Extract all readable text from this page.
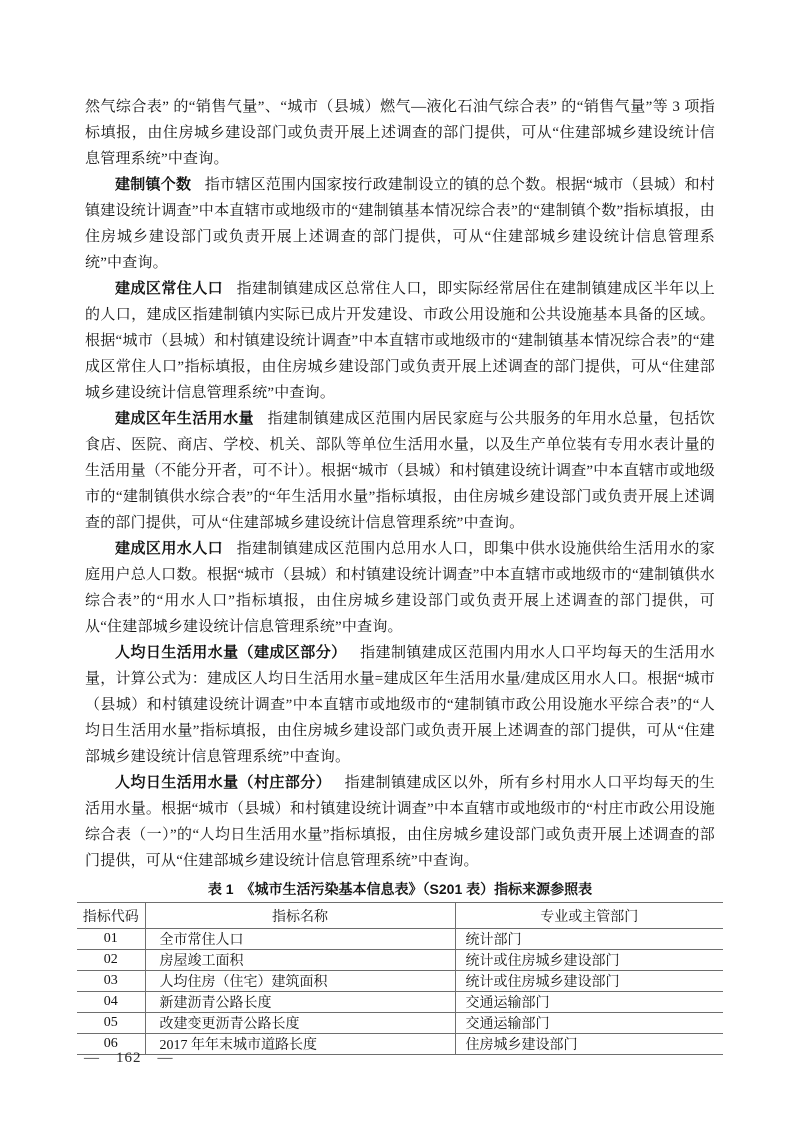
然气综合表” 的“销售气量”、“城市（县城）燃气—液化石油气综合表” 的“销售气量”等 3 项指标填报，由住房城乡建设部门或负责开展上述调查的部门提供，可从“住建部城乡建设统计信息管理系统”中查询。

建制镇个数 指市辖区范围内国家按行政建制设立的镇的总个数。根据“城市（县城）和村镇建设统计调查”中本直辖市或地级市的“建制镇基本情况综合表”的“建制镇个数”指标填报，由住房城乡建设部门或负责开展上述调查的部门提供，可从“住建部城乡建设统计信息管理系统”中查询。

建成区常住人口 指建制镇建成区总常住人口，即实际经常居住在建制镇建成区半年以上的人口，建成区指建制镇内实际已成片开发建设、市政公用设施和公共设施基本具备的区域。根据“城市（县城）和村镇建设统计调查”中本直辖市或地级市的“建制镇基本情况综合表”的“建成区常住人口”指标填报，由住房城乡建设部门或负责开展上述调查的部门提供，可从“住建部城乡建设统计信息管理系统”中查询。

建成区年生活用水量 指建制镇建成区范围内居民家庭与公共服务的年用水总量，包括饮食店、医院、商店、学校、机关、部队等单位生活用水量，以及生产单位装有专用水表计量的生活用量（不能分开者，可不计）。根据“城市（县城）和村镇建设统计调查”中本直辖市或地级市的“建制镇供水综合表”的“年生活用水量”指标填报，由住房城乡建设部门或负责开展上述调查的部门提供，可从“住建部城乡建设统计信息管理系统”中查询。

建成区用水人口 指建制镇建成区范围内总用水人口，即集中供水设施供给生活用水的家庭用户总人口数。根据“城市（县城）和村镇建设统计调查”中本直辖市或地级市的“建制镇供水综合表”的“用水人口”指标填报，由住房城乡建设部门或负责开展上述调查的部门提供，可从“住建部城乡建设统计信息管理系统”中查询。

人均日生活用水量（建成区部分） 指建制镇建成区范围内用水人口平均每天的生活用水量，计算公式为：建成区人均日生活用水量=建成区年生活用水量/建成区用水人口。根据“城市（县城）和村镇建设统计调查”中本直辖市或地级市的“建制镇市政公用设施水平综合表”的“人均日生活用水量”指标填报，由住房城乡建设部门或负责开展上述调查的部门提供，可从“住建部城乡建设统计信息管理系统”中查询。

人均日生活用水量（村庄部分） 指建制镇建成区以外，所有乡村用水人口平均每天的生活用水量。根据“城市（县城）和村镇建设统计调查”中本直辖市或地级市的“村庄市政公用设施综合表（一）”的“人均日生活用水量”指标填报，由住房城乡建设部门或负责开展上述调查的部门提供，可从“住建部城乡建设统计信息管理系统”中查询。

表 1　《城市生活污染基本信息表》（S201 表）指标来源参照表
指标代码	指标名称	专业或主管部门
01	全市常住人口	统计部门
02	房屋竣工面积	统计或住房城乡建设部门
03	人均住房（住宅）建筑面积	统计或住房城乡建设部门
04	新建沥青公路长度	交通运输部门
05	改建变更沥青公路长度	交通运输部门
06	2017 年年末城市道路长度	住房城乡建设部门
—　162　—
